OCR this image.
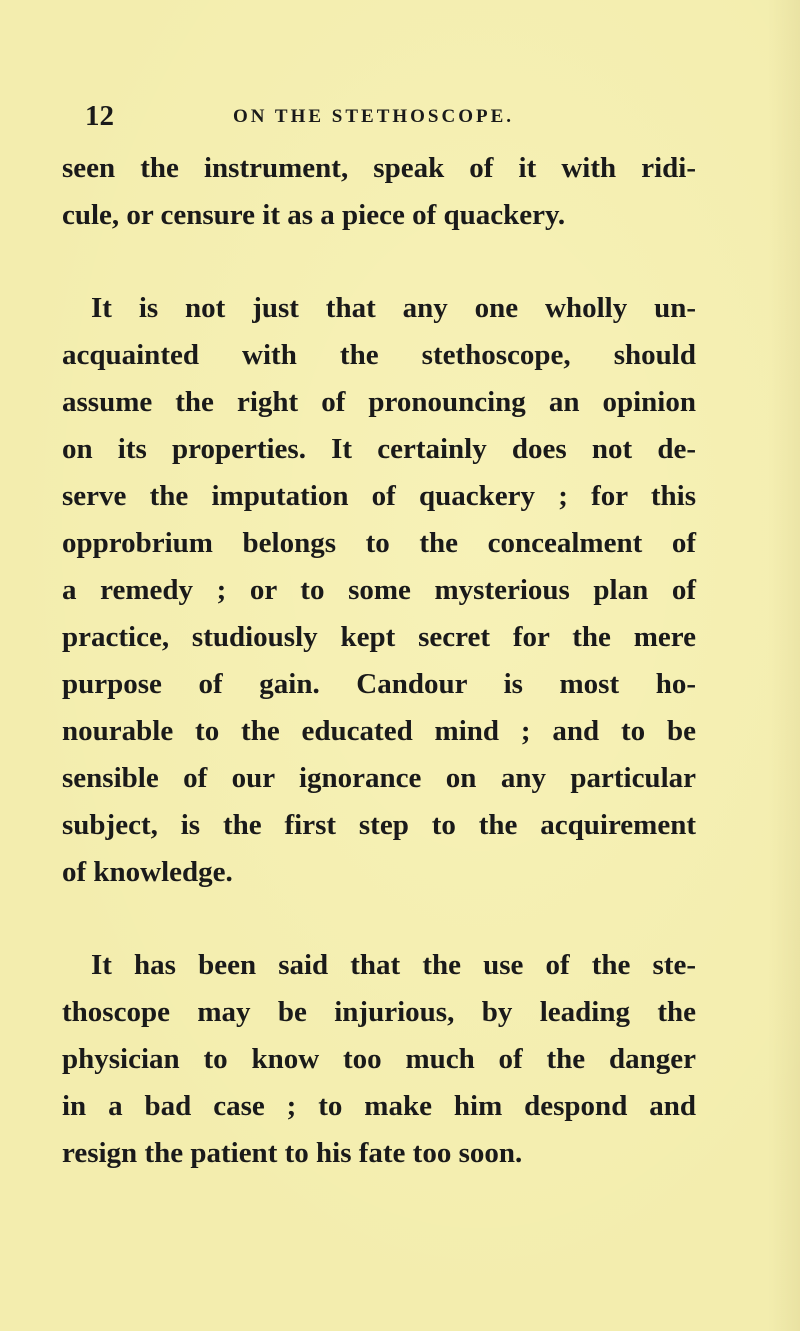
12	ON THE STETHOSCOPE.

seen the instrument, speak of it with ridi-
cule, or censure it as a piece of quackery.

It is not just that any one wholly un-
acquainted with the stethoscope, should
assume the right of pronouncing an opinion
on its properties. It certainly does not de-
serve the imputation of quackery ; for this
opprobrium belongs to the concealment of
a remedy ; or to some mysterious plan of
practice, studiously kept secret for the mere
purpose of gain. Candour is most ho-
nourable to the educated mind ; and to be
sensible of our ignorance on any particular
subject, is the first step to the acquirement
of knowledge.

It has been said that the use of the ste-
thoscope may be injurious, by leading the
physician to know too much of the danger
in a bad case ; to make him despond and
resign the patient to his fate too soon.
